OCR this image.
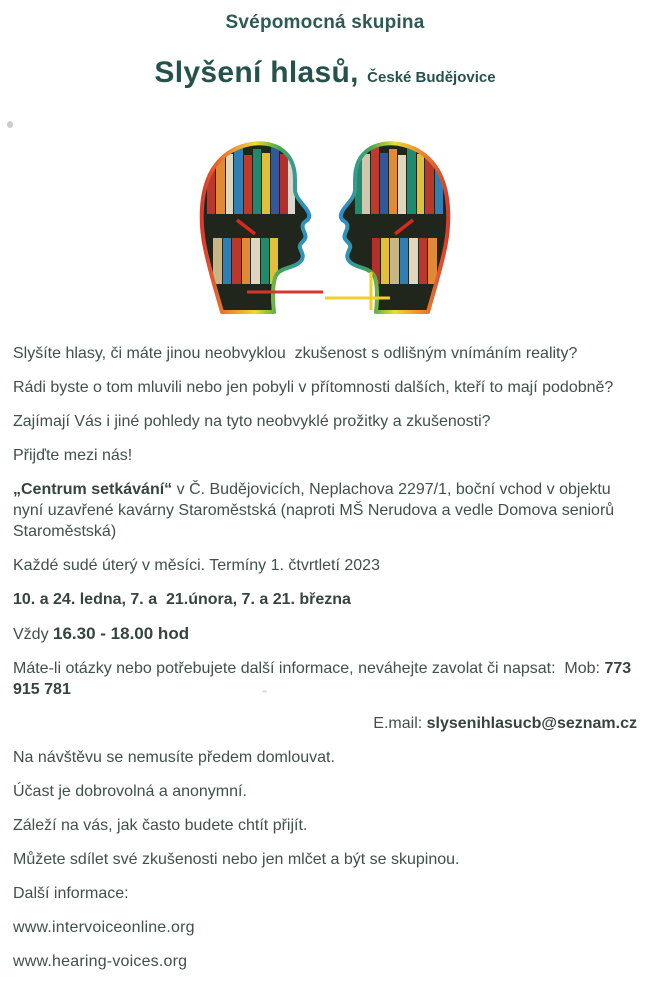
Svépomocná skupina
Slyšení hlasů, České Budějovice

Slyšíte hlasy, či máte jinou neobvyklou  zkušenost s odlišným vnímáním reality?

Rádi byste o tom mluvili nebo jen pobyli v přítomnosti dalších, kteří to mají podobně?

Zajímají Vás i jiné pohledy na tyto neobvyklé prožitky a zkušenosti?

Přijďte mezi nás!

„Centrum setkávání“ v Č. Budějovicích, Neplachova 2297/1, boční vchod v objektu nyní uzavřené kavárny Staroměstská (naproti MŠ Nerudova a vedle Domova seniorů Staroměstská)

Každé sudé úterý v měsíci. Termíny 1. čtvrtletí 2023

10. a 24. ledna, 7. a  21.února, 7. a 21. března

Vždy 16.30 - 18.00 hod

Máte-li otázky nebo potřebujete další informace, neváhejte zavolat či napsat:  Mob: 773 915 781

E.mail: slysenihlasucb@seznam.cz

Na návštěvu se nemusíte předem domlouvat.

Účast je dobrovolná a anonymní.

Záleží na vás, jak často budete chtít přijít.

Můžete sdílet své zkušenosti nebo jen mlčet a být se skupinou.

Další informace:

www.intervoiceonline.org

www.hearing-voices.org
